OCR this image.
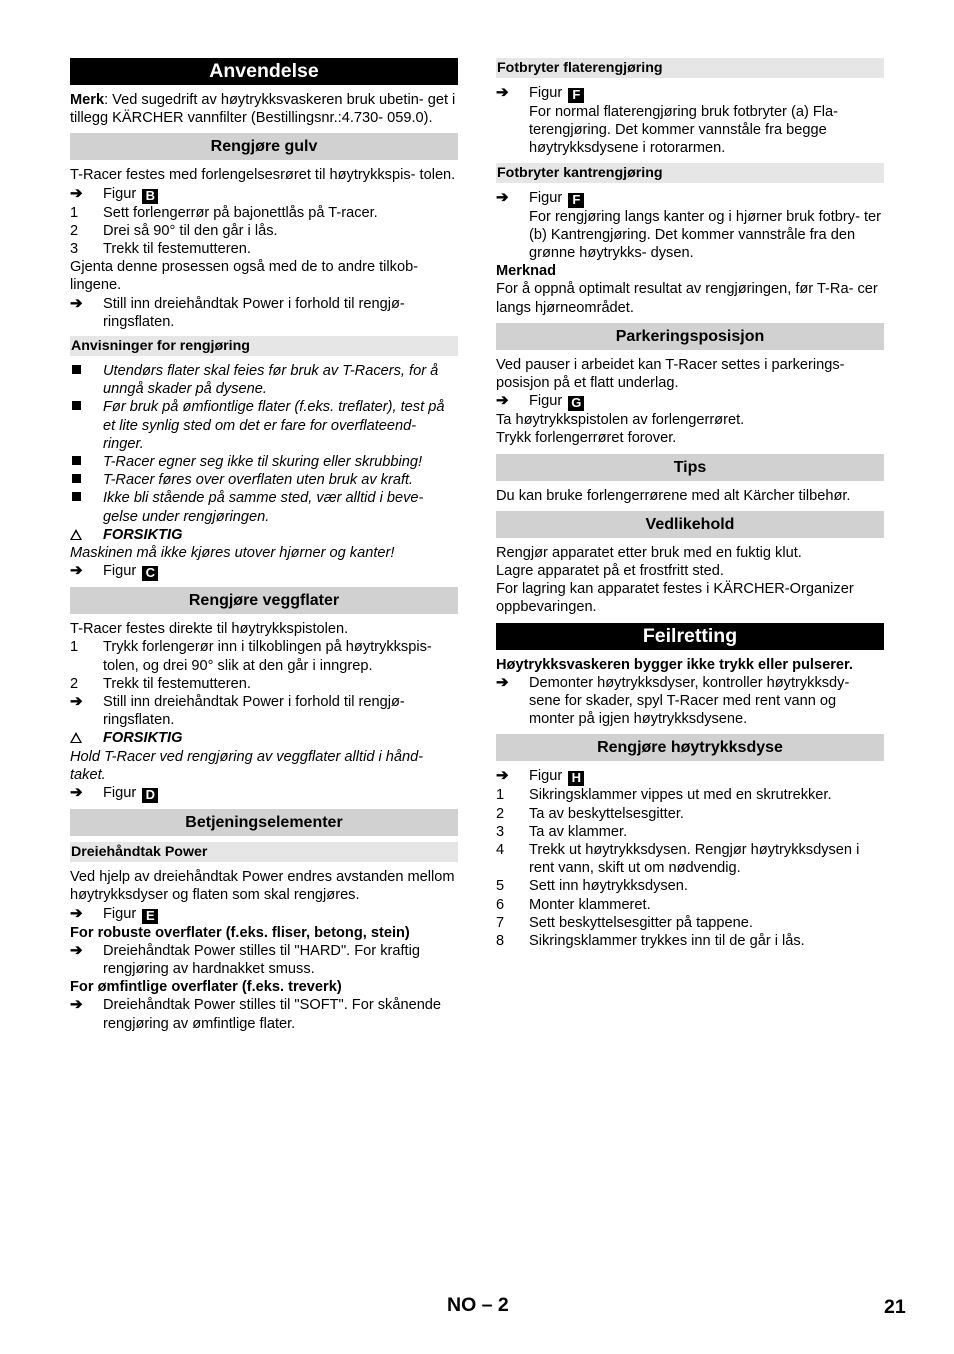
Anvendelse

Merk: Ved sugedrift av høytrykksvaskeren bruk ubetin- get i tillegg KÄRCHER vannfilter (Bestillingsnr.:4.730- 059.0).

Rengjøre gulv

T-Racer festes med forlengelsesrøret til høytrykkspis- tolen.

➔	Figur B
1	Sett forlengerrør på bajonettlås på T-racer.
2	Drei så 90° til den går i lås.
3	Trekk til festemutteren.

Gjenta denne prosessen også med de to andre tilkob- lingene.

➔	Still inn dreiehåndtak Power i forhold til rengjø- ringsflaten.
Anvisninger for rengjøring
Utendørs flater skal feies før bruk av T-Racers, for å unngå skader på dysene.
Før bruk på ømfiontlige flater (f.eks. treflater), test på et lite synlig sted om det er fare for overflateend- ringer.
T-Racer egner seg ikke til skuring eller skrubbing!
T-Racer føres over overflaten uten bruk av kraft.
Ikke bli stående på samme sted, vær alltid i beve- gelse under rengjøringen.
FORSIKTIG

Maskinen må ikke kjøres utover hjørner og kanter!

➔	Figur C
Rengjøre veggflater

T-Racer festes direkte til høytrykkspistolen.

1	Trykk forlengerør inn i tilkoblingen på høytrykkspis- tolen, og drei 90° slik at den går i inngrep.
2	Trekk til festemutteren.
➔	Still inn dreiehåndtak Power i forhold til rengjø- ringsflaten.
FORSIKTIG

Hold T-Racer ved rengjøring av veggflater alltid i hånd- taket.

➔	Figur D
Betjeningselementer
Dreiehåndtak Power

Ved hjelp av dreiehåndtak Power endres avstanden mellom høytrykksdyser og flaten som skal rengjøres.

➔	Figur E

For robuste overflater (f.eks. fliser, betong, stein)

➔	Dreiehåndtak Power stilles til "HARD". For kraftig rengjøring av hardnakket smuss.

For ømfintlige overflater (f.eks. treverk)

➔	Dreiehåndtak Power stilles til "SOFT". For skånende rengjøring av ømfintlige flater.
Fotbryter flaterengjøring
➔	Figur F
For normal flaterengjøring bruk fotbryter (a) Fla- terengjøring. Det kommer vannståle fra begge høytrykksdysene i rotorarmen.
Fotbryter kantrengjøring
➔	Figur F
For rengjøring langs kanter og i hjørner bruk fotbry- ter (b) Kantrengjøring. Det kommer vannstråle fra den grønne høytrykks- dysen.

Merknad

For å oppnå optimalt resultat av rengjøringen, før T-Ra- cer langs hjørneområdet.

Parkeringsposisjon

Ved pauser i arbeidet kan T-Racer settes i parkerings- posisjon på et flatt underlag.

➔	Figur G

Ta høytrykkspistolen av forlengerrøret.

Trykk forlengerrøret forover.

Tips

Du kan bruke forlengerrørene med alt Kärcher tilbehør.

Vedlikehold

Rengjør apparatet etter bruk med en fuktig klut.

Lagre apparatet på et frostfritt sted.

For lagring kan apparatet festes i KÄRCHER-Organizer oppbevaringen.

Feilretting

Høytrykksvaskeren bygger ikke trykk eller pulserer.

➔	Demonter høytrykksdyser, kontroller høytrykksdy- sene for skader, spyl T-Racer med rent vann og monter på igjen høytrykksdysene.
Rengjøre høytrykksdyse
➔	Figur H
1	Sikringsklammer vippes ut med en skrutrekker.
2	Ta av beskyttelsesgitter.
3	Ta av klammer.
4	Trekk ut høytrykksdysen. Rengjør høytrykksdysen i rent vann, skift ut om nødvendig.
5	Sett inn høytrykksdysen.
6	Monter klammeret.
7	Sett beskyttelsesgitter på tappene.
8	Sikringsklammer trykkes inn til de går i lås.
NO – 2	21
